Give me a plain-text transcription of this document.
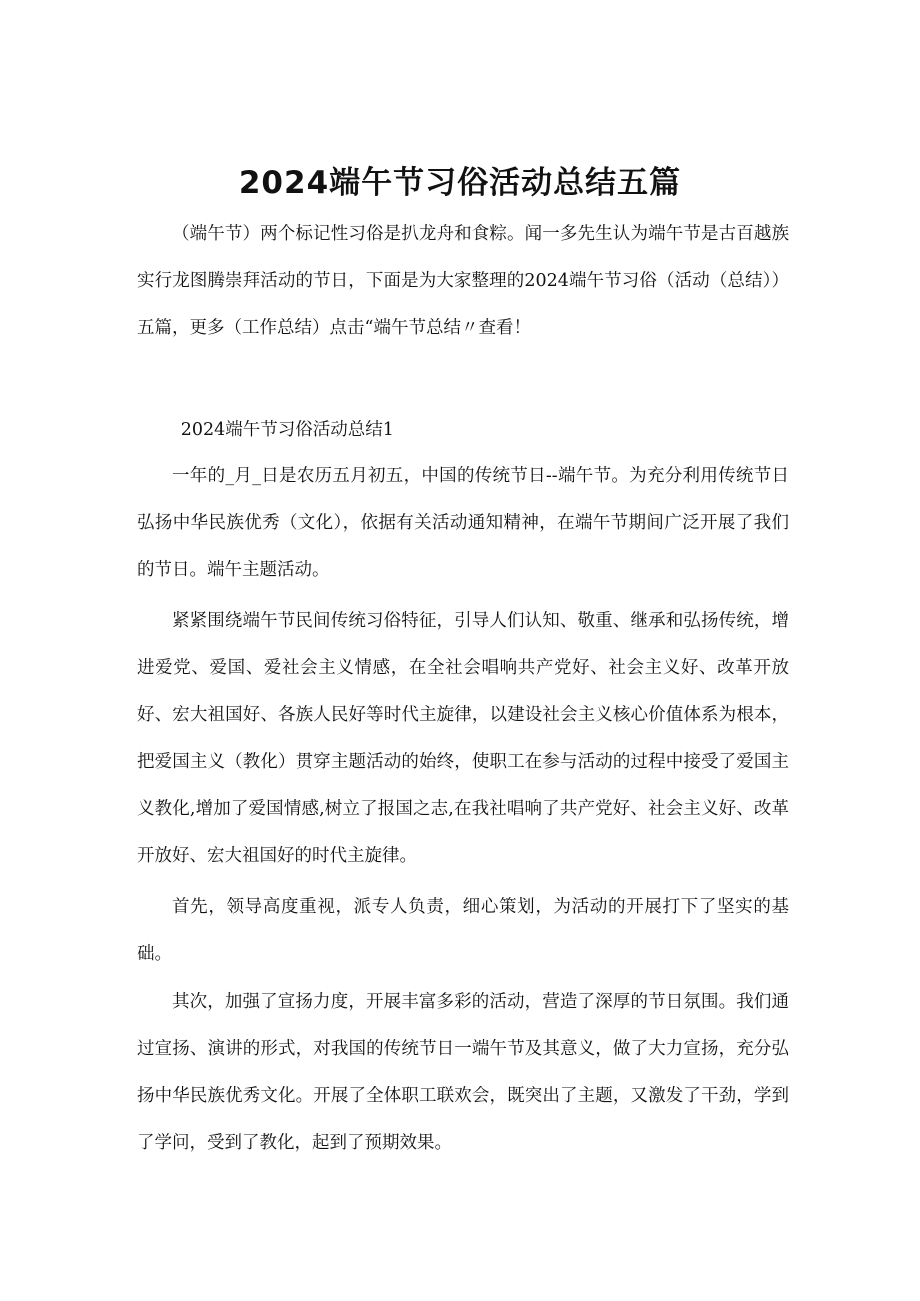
2024端午节习俗活动总结五篇

（端午节）两个标记性习俗是扒龙舟和食粽。闻一多先生认为端午节是古百越族实行龙图腾崇拜活动的节日，下面是为大家整理的2024端午节习俗（活动（总结））五篇，更多（工作总结）点击“端午节总结〃查看！

2024端午节习俗活动总结1

一年的_月_日是农历五月初五，中国的传统节日--端午节。为充分利用传统节日弘扬中华民族优秀（文化），依据有关活动通知精神，在端午节期间广泛开展了我们的节日。端午主题活动。

紧紧围绕端午节民间传统习俗特征，引导人们认知、敬重、继承和弘扬传统，增进爱党、爱国、爱社会主义情感，在全社会唱响共产党好、社会主义好、改革开放好、宏大祖国好、各族人民好等时代主旋律，以建设社会主义核心价值体系为根本，把爱国主义（教化）贯穿主题活动的始终，使职工在参与活动的过程中接受了爱国主义教化,增加了爱国情感,树立了报国之志,在我社唱响了共产党好、社会主义好、改革开放好、宏大祖国好的时代主旋律。

首先，领导高度重视，派专人负责，细心策划，为活动的开展打下了坚实的基础。

其次，加强了宣扬力度，开展丰富多彩的活动，营造了深厚的节日氛围。我们通过宣扬、演讲的形式，对我国的传统节日一端午节及其意义，做了大力宣扬，充分弘扬中华民族优秀文化。开展了全体职工联欢会，既突出了主题，又激发了干劲，学到了学问，受到了教化，起到了预期效果。
